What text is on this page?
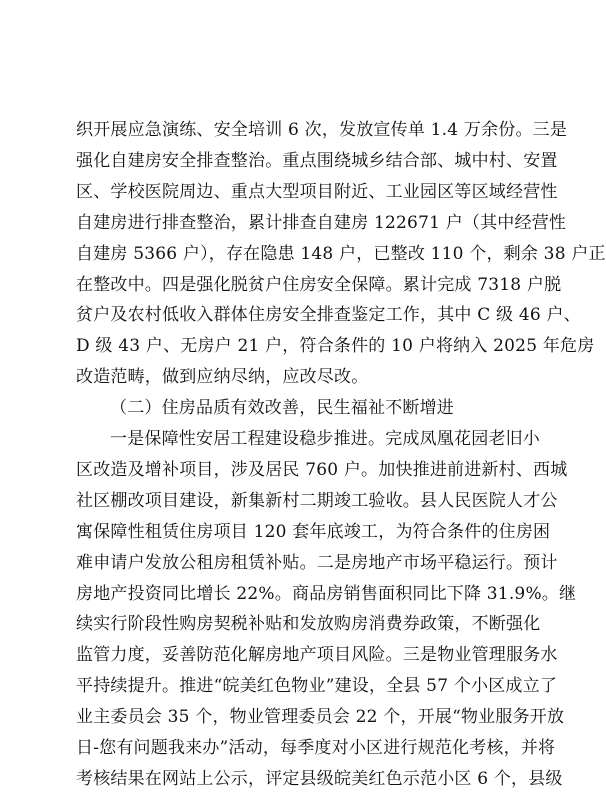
织开展应急演练、安全培训 6 次，发放宣传单 1.4 万余份。三是
强化自建房安全排查整治。重点围绕城乡结合部、城中村、安置
区、学校医院周边、重点大型项目附近、工业园区等区域经营性
自建房进行排查整治，累计排查自建房 122671 户（其中经营性
自建房 5366 户），存在隐患 148 户，已整改 110 个，剩余 38 户正
在整改中。四是强化脱贫户住房安全保障。累计完成 7318 户脱
贫户及农村低收入群体住房安全排查鉴定工作，其中 C 级 46 户、
D 级 43 户、无房户 21 户，符合条件的 10 户将纳入 2025 年危房
改造范畴，做到应纳尽纳，应改尽改。
（二）住房品质有效改善，民生福祉不断增进
一是保障性安居工程建设稳步推进。完成凤凰花园老旧小
区改造及增补项目，涉及居民 760 户。加快推进前进新村、西城
社区棚改项目建设，新集新村二期竣工验收。县人民医院人才公
寓保障性租赁住房项目 120 套年底竣工，为符合条件的住房困
难申请户发放公租房租赁补贴。二是房地产市场平稳运行。预计
房地产投资同比增长 22%。商品房销售面积同比下降 31.9%。继
续实行阶段性购房契税补贴和发放购房消费券政策，不断强化
监管力度，妥善防范化解房地产项目风险。三是物业管理服务水
平持续提升。推进“皖美红色物业”建设，全县 57 个小区成立了
业主委员会 35 个，物业管理委员会 22 个，开展“物业服务开放
日-您有问题我来办”活动，每季度对小区进行规范化考核，并将
考核结果在网站上公示，评定县级皖美红色示范小区 6 个，县级
